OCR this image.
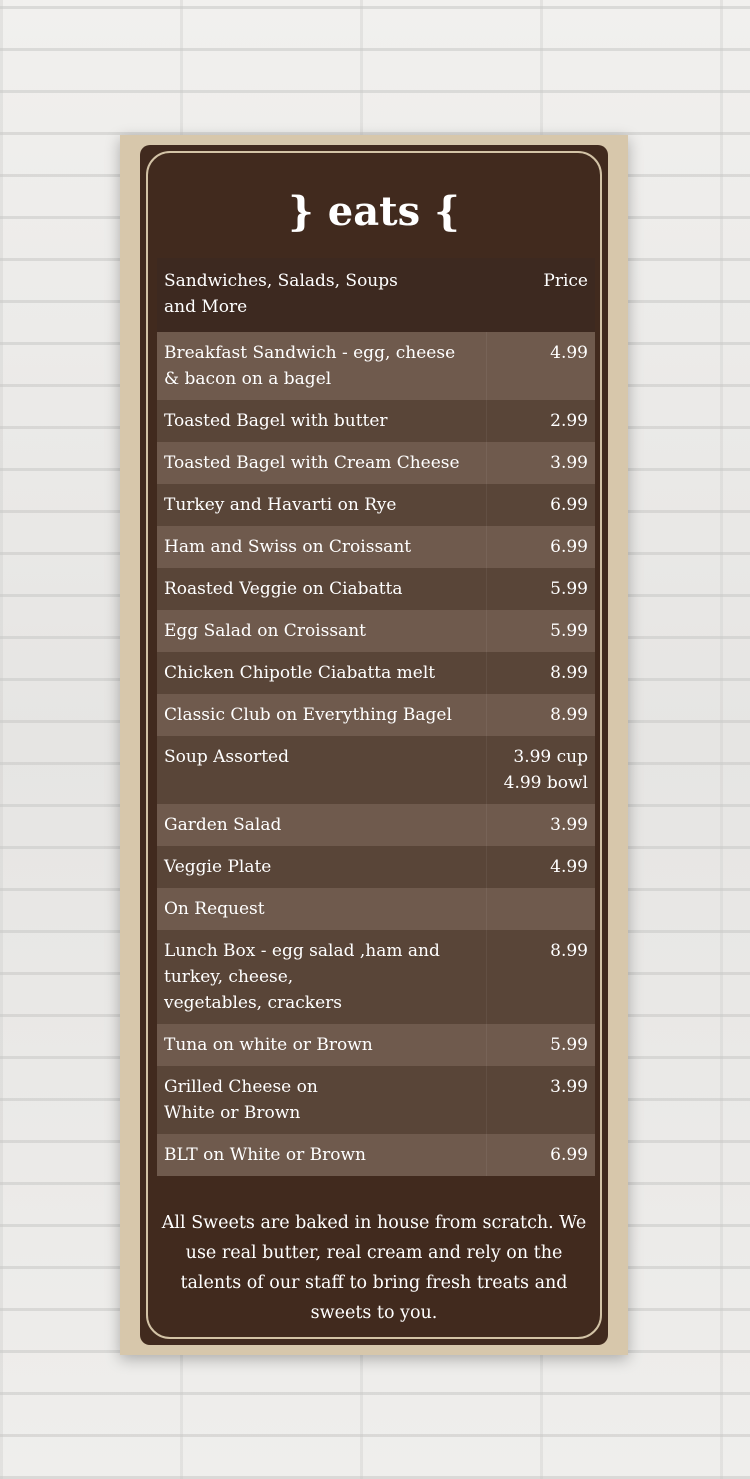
} eats {
Sandwiches, Salads, Soups
and More	Price
Breakfast Sandwich - egg, cheese
& bacon on a bagel	4.99
Toasted Bagel with butter	2.99
Toasted Bagel with Cream Cheese	3.99
Turkey and Havarti on Rye	6.99
Ham and Swiss on Croissant	6.99
Roasted Veggie on Ciabatta	5.99
Egg Salad on Croissant	5.99
Chicken Chipotle Ciabatta melt	8.99
Classic Club on Everything Bagel	8.99
Soup Assorted	3.99 cup
4.99 bowl
Garden Salad	3.99
Veggie Plate	4.99
On Request	
Lunch Box - egg salad ,ham and
turkey, cheese,
vegetables, crackers	8.99
Tuna on white or Brown	5.99
Grilled Cheese on
White or Brown	3.99
BLT on White or Brown	6.99
All Sweets are baked in house from scratch. We use real butter, real cream and rely on the talents of our staff to bring fresh treats and sweets to you.
